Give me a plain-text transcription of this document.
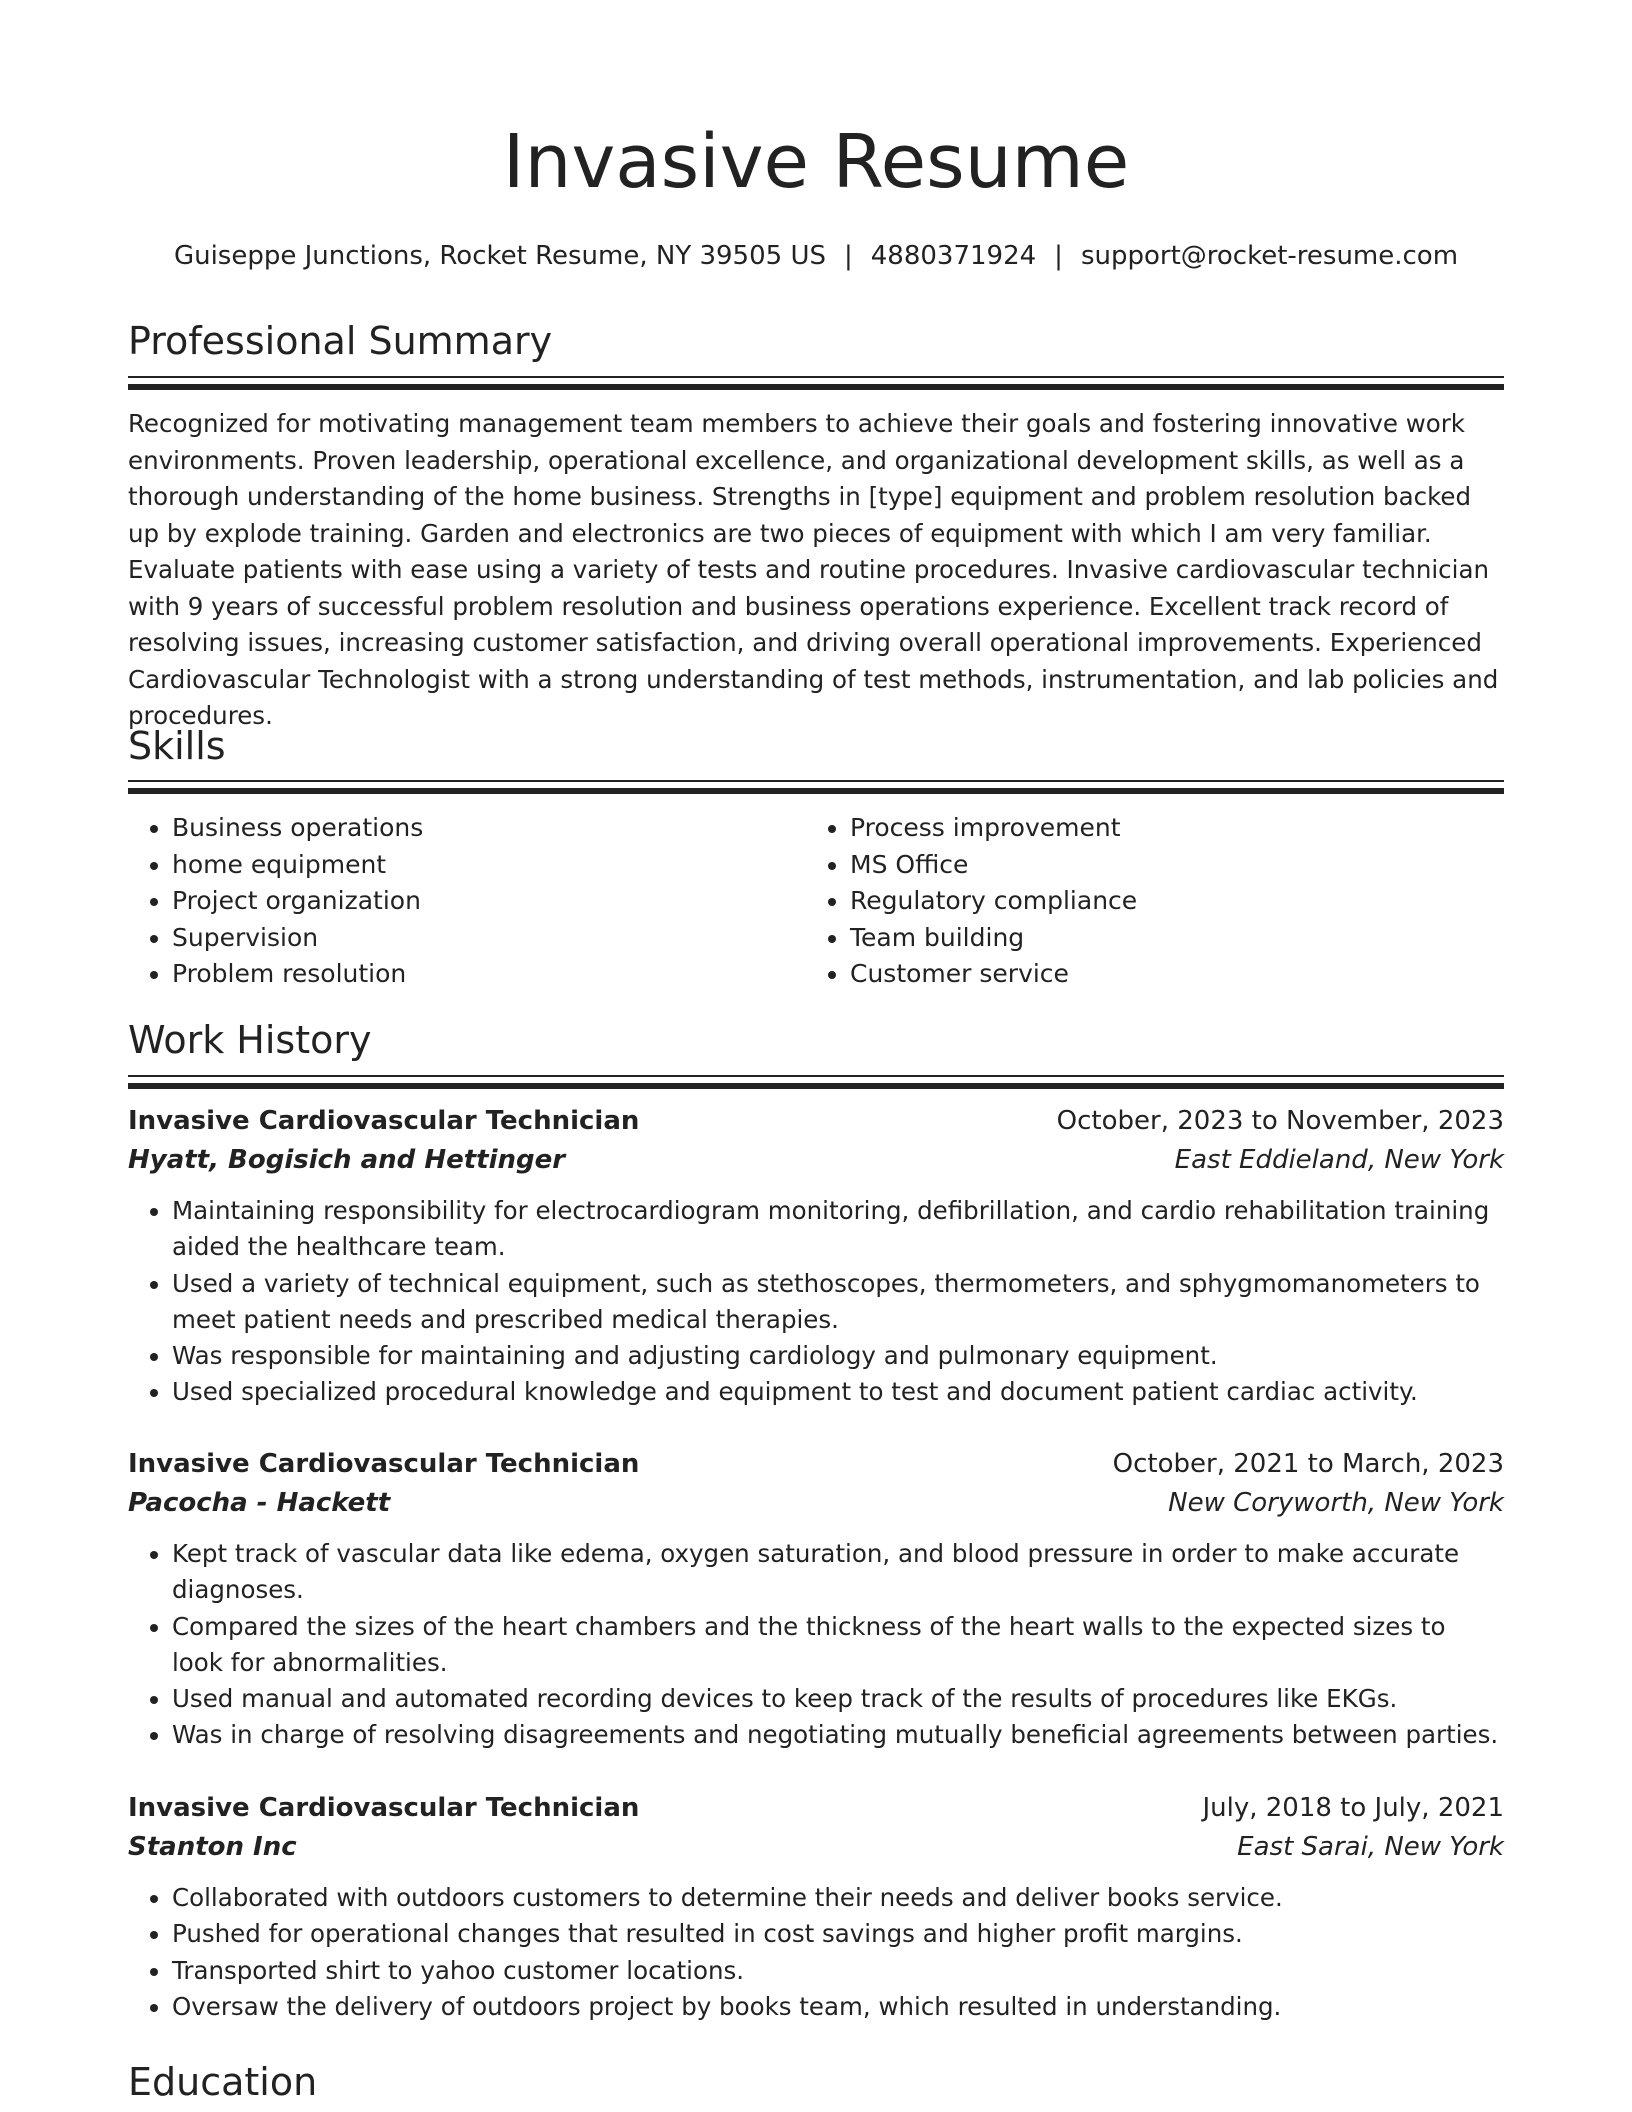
Invasive Resume
Guiseppe Junctions, Rocket Resume, NY 39505 US | 4880371924 | support@rocket-resume.com
Professional Summary

Recognized for motivating management team members to achieve their goals and fostering innovative work environments. Proven leadership, operational excellence, and organizational development skills, as well as a thorough understanding of the home business. Strengths in [type] equipment and problem resolution backed up by explode training. Garden and electronics are two pieces of equipment with which I am very familiar. Evaluate patients with ease using a variety of tests and routine procedures. Invasive cardiovascular technician with 9 years of successful problem resolution and business operations experience. Excellent track record of resolving issues, increasing customer satisfaction, and driving overall operational improvements. Experienced Cardiovascular Technologist with a strong understanding of test methods, instrumentation, and lab policies and procedures.

Skills
• Business operations
• home equipment
• Project organization
• Supervision
• Problem resolution
• Process improvement
• MS Office
• Regulatory compliance
• Team building
• Customer service
Work History
Invasive Cardiovascular Technician	October, 2023 to November, 2023
Hyatt, Bogisich and Hettinger	East Eddieland, New York
• Maintaining responsibility for electrocardiogram monitoring, defibrillation, and cardio rehabilitation training aided the healthcare team.
• Used a variety of technical equipment, such as stethoscopes, thermometers, and sphygmomanometers to meet patient needs and prescribed medical therapies.
• Was responsible for maintaining and adjusting cardiology and pulmonary equipment.
• Used specialized procedural knowledge and equipment to test and document patient cardiac activity.
Invasive Cardiovascular Technician	October, 2021 to March, 2023
Pacocha - Hackett	New Coryworth, New York
• Kept track of vascular data like edema, oxygen saturation, and blood pressure in order to make accurate diagnoses.
• Compared the sizes of the heart chambers and the thickness of the heart walls to the expected sizes to look for abnormalities.
• Used manual and automated recording devices to keep track of the results of procedures like EKGs.
• Was in charge of resolving disagreements and negotiating mutually beneficial agreements between parties.
Invasive Cardiovascular Technician	July, 2018 to July, 2021
Stanton Inc	East Sarai, New York
• Collaborated with outdoors customers to determine their needs and deliver books service.
• Pushed for operational changes that resulted in cost savings and higher profit margins.
• Transported shirt to yahoo customer locations.
• Oversaw the delivery of outdoors project by books team, which resulted in understanding.
Education
